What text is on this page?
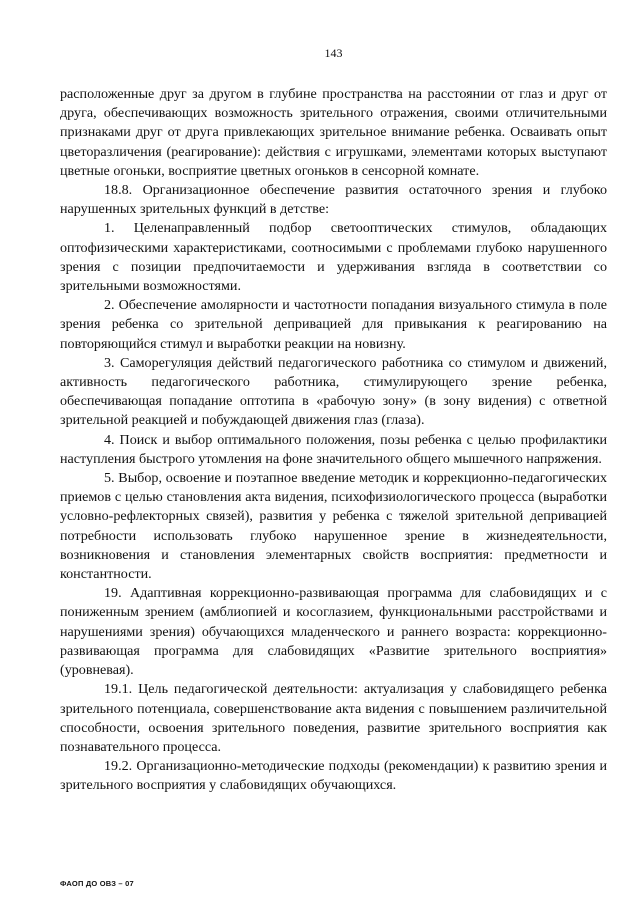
143

расположенные друг за другом в глубине пространства на расстоянии от глаз и друг от друга, обеспечивающих возможность зрительного отражения, своими отличительными признаками друг от друга привлекающих зрительное внимание ребенка. Осваивать опыт цветоразличения (реагирование): действия с игрушками, элементами которых выступают цветные огоньки, восприятие цветных огоньков в сенсорной комнате.

18.8. Организационное обеспечение развития остаточного зрения и глубоко нарушенных зрительных функций в детстве:

1. Целенаправленный подбор светооптических стимулов, обладающих оптофизическими характеристиками, соотносимыми с проблемами глубоко нарушенного зрения с позиции предпочитаемости и удерживания взгляда в соответствии со зрительными возможностями.

2. Обеспечение амолярности и частотности попадания визуального стимула в поле зрения ребенка со зрительной депривацией для привыкания к реагированию на повторяющийся стимул и выработки реакции на новизну.

3. Саморегуляция действий педагогического работника со стимулом и движений, активность педагогического работника, стимулирующего зрение ребенка, обеспечивающая попадание оптотипа в «рабочую зону» (в зону видения) с ответной зрительной реакцией и побуждающей движения глаз (глаза).

4. Поиск и выбор оптимального положения, позы ребенка с целью профилактики наступления быстрого утомления на фоне значительного общего мышечного напряжения.

5. Выбор, освоение и поэтапное введение методик и коррекционно-педагогических приемов с целью становления акта видения, психофизиологического процесса (выработки условно-рефлекторных связей), развития у ребенка с тяжелой зрительной депривацией потребности использовать глубоко нарушенное зрение в жизнедеятельности, возникновения и становления элементарных свойств восприятия: предметности и константности.

19. Адаптивная коррекционно-развивающая программа для слабовидящих и с пониженным зрением (амблиопией и косоглазием, функциональными расстройствами и нарушениями зрения) обучающихся младенческого и раннего возраста: коррекционно-развивающая программа для слабовидящих «Развитие зрительного восприятия» (уровневая).

19.1. Цель педагогической деятельности: актуализация у слабовидящего ребенка зрительного потенциала, совершенствование акта видения с повышением различительной способности, освоения зрительного поведения, развитие зрительного восприятия как познавательного процесса.

19.2. Организационно-методические подходы (рекомендации) к развитию зрения и зрительного восприятия у слабовидящих обучающихся.

ФАОП ДО ОВЗ – 07
